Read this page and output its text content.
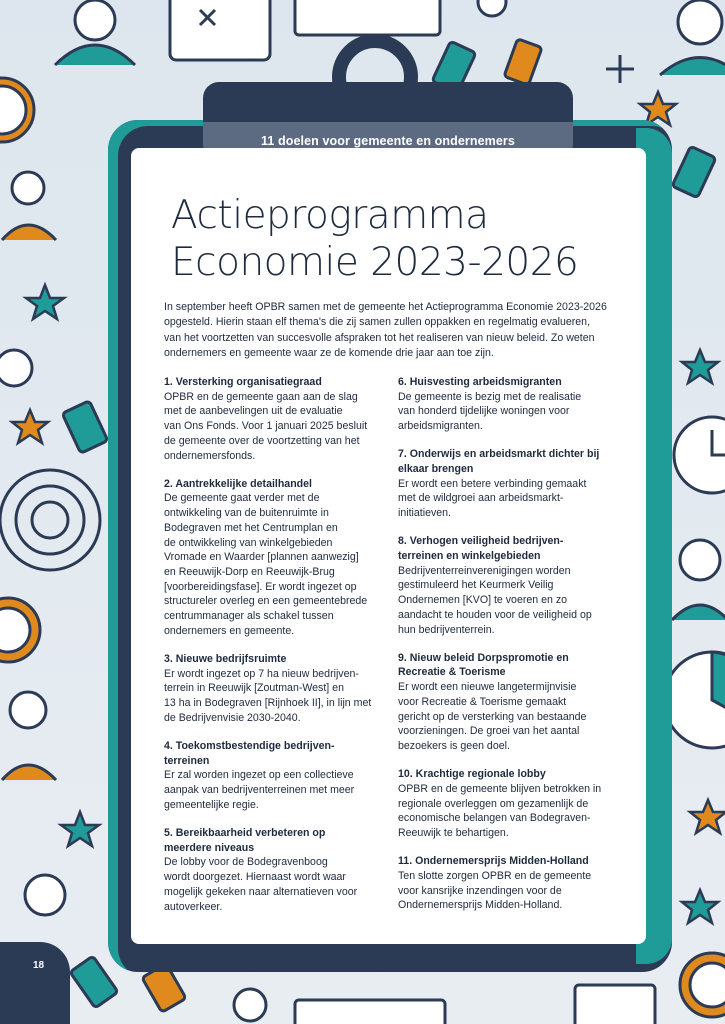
11 doelen voor gemeente en ondernemers
Actieprogramma
Economie 2023-2026

In september heeft OPBR samen met de gemeente het Actieprogramma Economie 2023-2026 opgesteld. Hierin staan elf thema's die zij samen zullen oppakken en regelmatig evalueren, van het voortzetten van succesvolle afspraken tot het realiseren van nieuw beleid. Zo weten ondernemers en gemeente waar ze de komende drie jaar aan toe zijn.

1. Versterking organisatiegraad

OPBR en de gemeente gaan aan de slag
met de aanbevelingen uit de evaluatie
van Ons Fonds. Voor 1 januari 2025 besluit
de gemeente over de voortzetting van het
ondernemersfonds.

2. Aantrekkelijke detailhandel

De gemeente gaat verder met de
ontwikkeling van de buitenruimte in
Bodegraven met het Centrumplan en
de ontwikkeling van winkelgebieden
Vromade en Waarder [plannen aanwezig]
en Reeuwijk-Dorp en Reeuwijk-Brug
[voorbereidingsfase]. Er wordt ingezet op
structureler overleg en een gemeentebrede
centrummanager als schakel tussen
ondernemers en gemeente.

3. Nieuwe bedrijfsruimte

Er wordt ingezet op 7 ha nieuw bedrijven-
terrein in Reeuwijk [Zoutman-West] en
13 ha in Bodegraven [Rijnhoek II], in lijn met
de Bedrijvenvisie 2030-2040.

4. Toekomstbestendige bedrijven-
terreinen

Er zal worden ingezet op een collectieve
aanpak van bedrijventerreinen met meer
gemeentelijke regie.

5. Bereikbaarheid verbeteren op
meerdere niveaus

De lobby voor de Bodegravenboog
wordt doorgezet. Hiernaast wordt waar
mogelijk gekeken naar alternatieven voor
autoverkeer.

6. Huisvesting arbeidsmigranten

De gemeente is bezig met de realisatie
van honderd tijdelijke woningen voor
arbeidsmigranten.

7. Onderwijs en arbeidsmarkt dichter bij
elkaar brengen

Er wordt een betere verbinding gemaakt
met de wildgroei aan arbeidsmarkt-
initiatieven.

8. Verhogen veiligheid bedrijven-
terreinen en winkelgebieden

Bedrijventerreinverenigingen worden
gestimuleerd het Keurmerk Veilig
Ondernemen [KVO] te voeren en zo
aandacht te houden voor de veiligheid op
hun bedrijventerrein.

9. Nieuw beleid Dorpspromotie en
Recreatie & Toerisme

Er wordt een nieuwe langetermijnvisie
voor Recreatie & Toerisme gemaakt
gericht op de versterking van bestaande
voorzieningen. De groei van het aantal
bezoekers is geen doel.

10. Krachtige regionale lobby

OPBR en de gemeente blijven betrokken in
regionale overleggen om gezamenlijk de
economische belangen van Bodegraven-
Reeuwijk te behartigen.

11. Ondernemersprijs Midden-Holland

Ten slotte zorgen OPBR en de gemeente
voor kansrijke inzendingen voor de
Ondernemersprijs Midden-Holland.

18
